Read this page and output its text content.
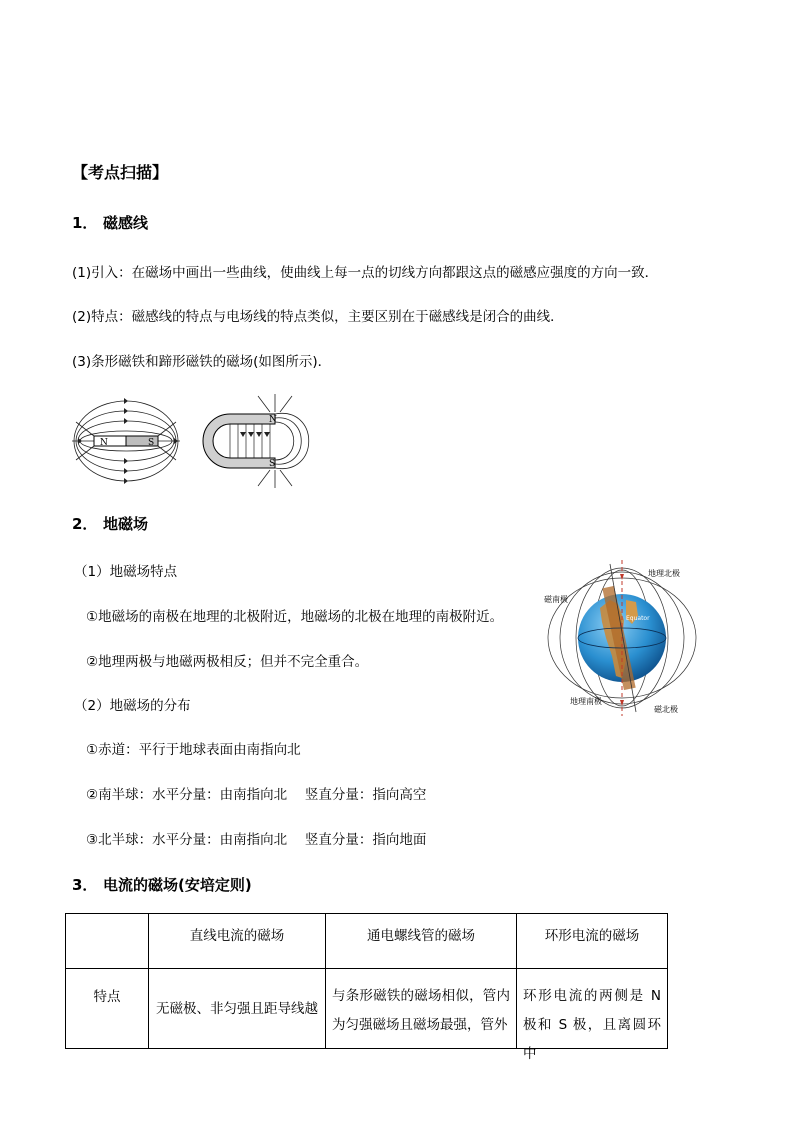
【考点扫描】
1． 磁感线
(1)引入：在磁场中画出一些曲线，使曲线上每一点的切线方向都跟这点的磁感应强度的方向一致．
(2)特点：磁感线的特点与电场线的特点类似，主要区别在于磁感线是闭合的曲线．
(3)条形磁铁和蹄形磁铁的磁场(如图所示)．
N	S
N
S
2． 地磁场
（1）地磁场特点
①地磁场的南极在地理的北极附近，地磁场的北极在地理的南极附近。
②地理两极与地磁两极相反；但并不完全重合。
（2）地磁场的分布
①赤道：平行于地球表面由南指向北
②南半球：水平分量：由南指向北　 竖直分量：指向高空
③北半球：水平分量：由南指向北　 竖直分量：指向地面
Equator
地理北极
磁南极
地理南极
磁北极
3． 电流的磁场(安培定则)
	直线电流的磁场	通电螺线管的磁场	环形电流的磁场
特点	无磁极、非匀强且距导线越	与条形磁铁的磁场相似，管内为匀强磁场且磁场最强，管外	环形电流的两侧是 N 极和 S 极，且离圆环中
